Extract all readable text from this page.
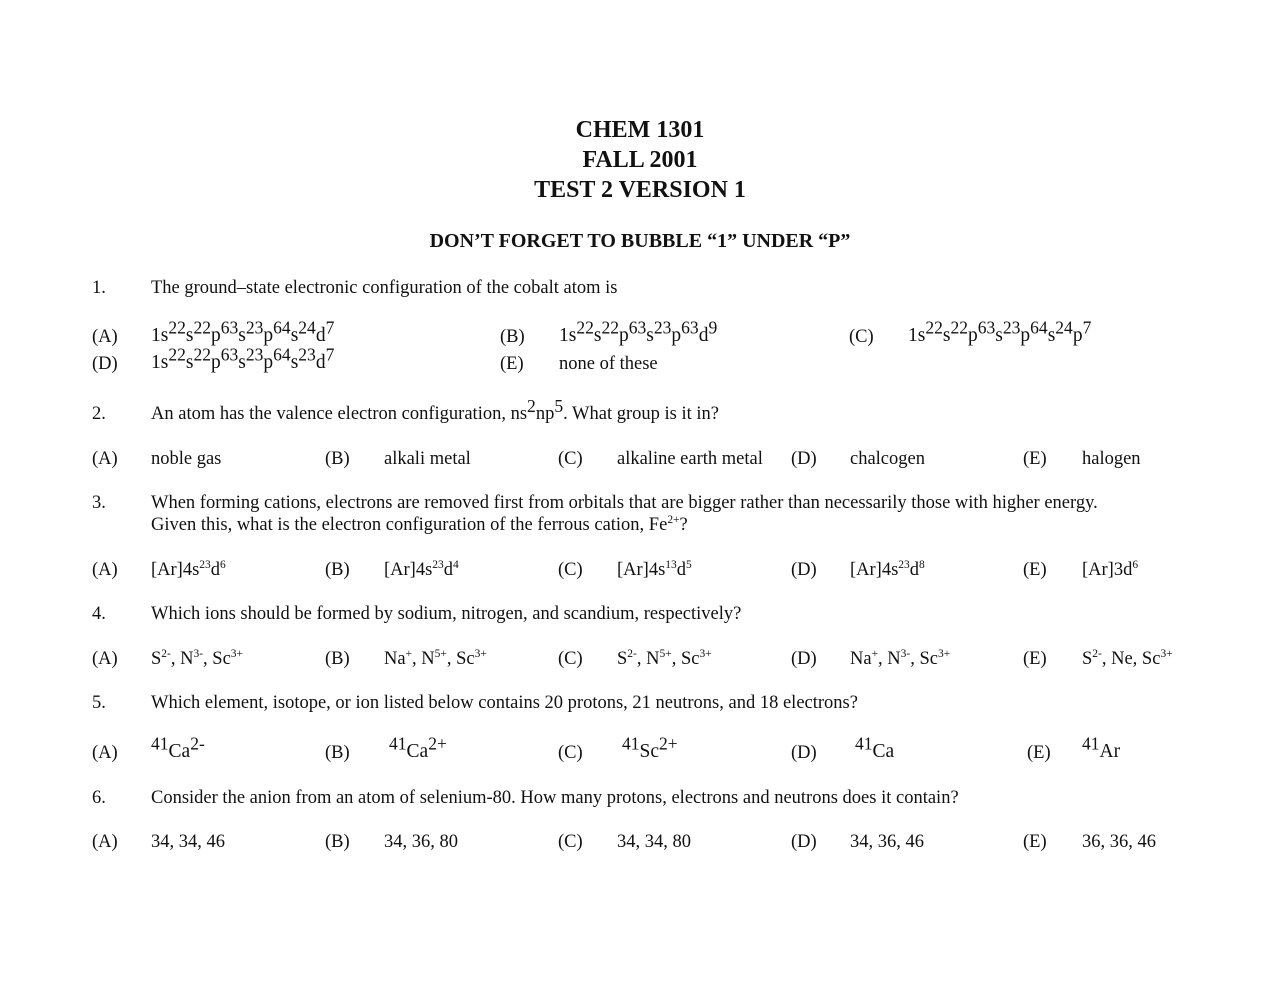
CHEM 1301
FALL 2001
TEST 2 VERSION 1
DON’T FORGET TO BUBBLE “1” UNDER “P”
1. The ground–state electronic configuration of the cobalt atom is
(A) $1s^{22}s^{22}p^{63}s^{23}p^{64}s^{24}d^7$	(B) $1s^{22}s^{22}p^{63}s^{23}p^{63}d^9$	(C) $1s^{22}s^{22}p^{63}s^{23}p^{64}s^{24}p^7$
(D) $1s^{22}s^{22}p^{63}s^{23}p^{64}s^{23}d^7$	(E) none of these
2. An atom has the valence electron configuration, $ns^2np^5$. What group is it in?
(A) noble gas	(B) alkali metal	(C) alkaline earth metal (D) chalcogen	(E) halogen
3. When forming cations, electrons are removed first from orbitals that are bigger rather than necessarily those with higher energy.
Given this, what is the electron configuration of the ferrous cation, $Fe^{2+}$?
(A) $[Ar]4s^{23}d^6$	(B) $[Ar]4s^{23}d^4$	(C) $[Ar]4s^{13}d^5$	(D) $[Ar]4s^{23}d^8$	(E) $[Ar]3d^6$
4. Which ions should be formed by sodium, nitrogen, and scandium, respectively?
(A) $S^{2-}$, $N^{3-}$, $Sc^{3+}$	(B) Na+, $N^{5+}$, $Sc^{3+}$	(C) $S^{2-}$, $N^{5+}$, $Sc^{3+}$	(D) Na+, $N^{3-}$, $Sc^{3+}$	(E) $S^{2-}$, Ne, $Sc^{3+}$
5. Which element, isotope, or ion listed below contains 20 protons, 21 neutrons, and 18 electrons?
(A) $^{41}Ca^{2-}$	(B) $^{41}Ca^{2+}$	(C) $^{41}Sc^{2+}$	(D) $^{41}$Ca	(E) $^{41}$Ar
6. Consider the anion from an atom of selenium-80. How many protons, electrons and neutrons does it contain?
(A) 34, 34, 46	(B) 34, 36, 80	(C) 34, 34, 80	(D) 34, 36, 46	(E) 36, 36, 46
